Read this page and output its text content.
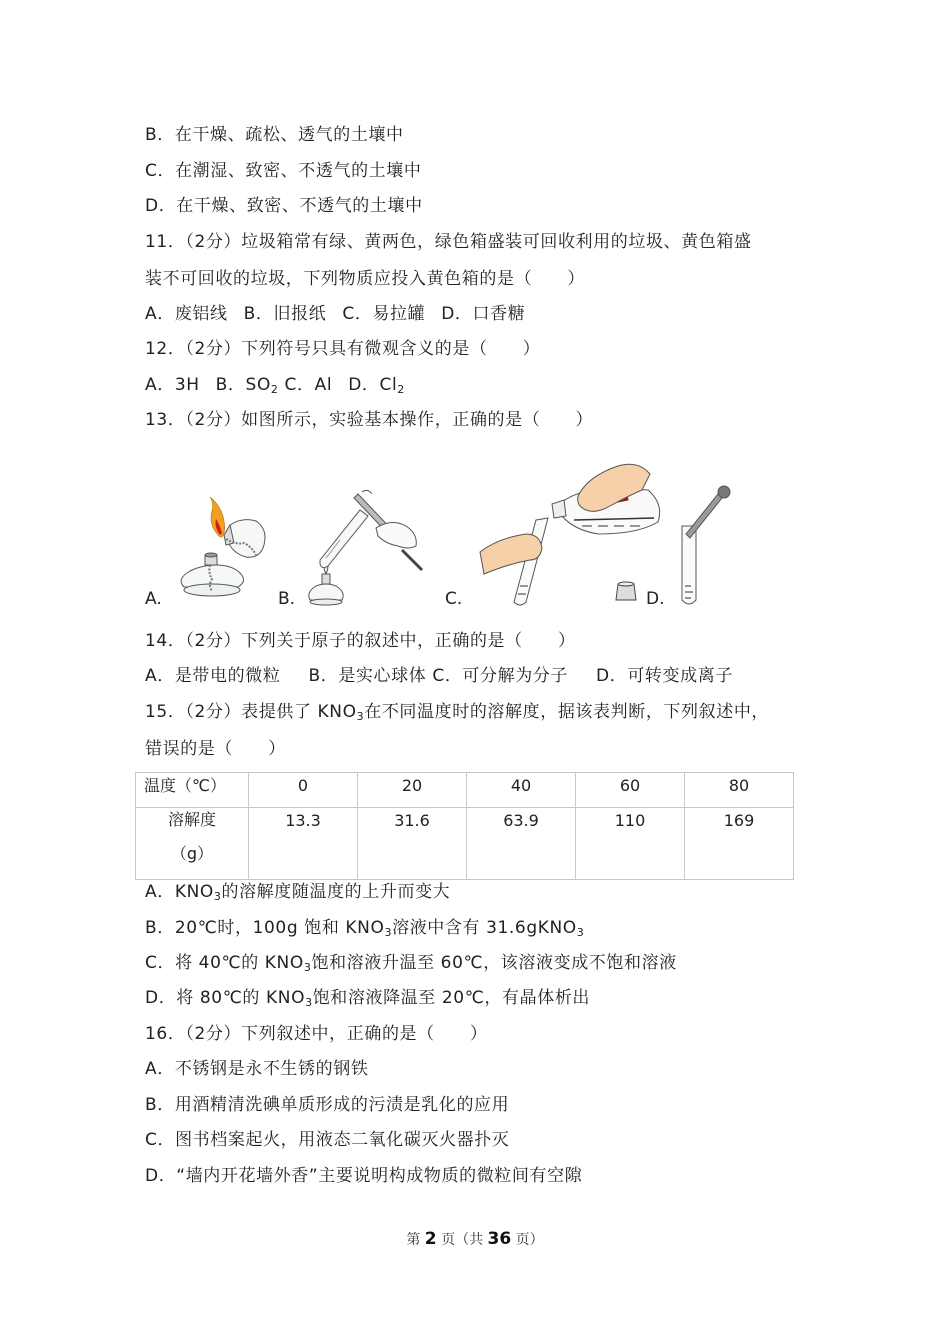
B．在干燥、疏松、透气的土壤中
C．在潮湿、致密、不透气的土壤中
D．在干燥、致密、不透气的土壤中
11．（2分）垃圾箱常有绿、黄两色，绿色箱盛装可回收利用的垃圾、黄色箱盛
装不可回收的垃圾，下列物质应投入黄色箱的是（　　）
A．废铝线 B．旧报纸 C．易拉罐 D．口香糖
12．（2分）下列符号只具有微观含义的是（　　）
A．3H B．$SO_2$ C．Al D．$Cl_2$
13．（2分）如图所示，实验基本操作，正确的是（　　）
A.	B.	C.	D.
14．（2分）下列关于原子的叙述中，正确的是（　　）
A．是带电的微粒 B．是实心球体 C．可分解为分子 D．可转变成离子
15．（2分）表提供了 $KNO_3$在不同温度时的溶解度，据该表判断，下列叙述中，
错误的是（　　）
温度（℃）	0	20	40	60	80

溶解度
（g）	13.3	31.6	63.9	110	169
A．$KNO_3$的溶解度随温度的上升而变大
B．20℃时，100g 饱和 $KNO_3$溶液中含有 31.6gKNO$_3$
C．将 40℃的 $KNO_3$饱和溶液升温至 60℃，该溶液变成不饱和溶液
D．将 80℃的 $KNO_3$饱和溶液降温至 20℃，有晶体析出
16．（2分）下列叙述中，正确的是（　　）
A．不锈钢是永不生锈的钢铁
B．用酒精清洗碘单质形成的污渍是乳化的应用
C．图书档案起火，用液态二氧化碳灭火器扑灭
D．“墙内开花墙外香”主要说明构成物质的微粒间有空隙
第 2 页（共 36 页）
